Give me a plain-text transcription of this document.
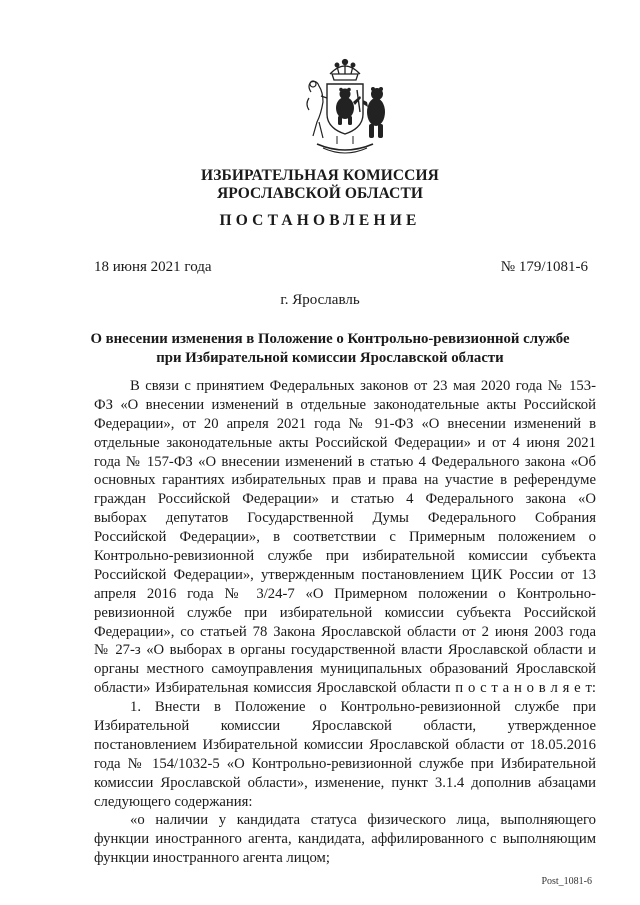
ИЗБИРАТЕЛЬНАЯ КОМИССИЯ
ЯРОСЛАВСКОЙ ОБЛАСТИ
ПОСТАНОВЛЕНИЕ
18 июня 2021 года	№ 179/1081-6
г. Ярославль
О внесении изменения в Положение о Контрольно-ревизионной службе
при Избирательной комиссии Ярославской области
В связи с принятием Федеральных законов от 23 мая 2020 года № 153-
ФЗ «О внесении изменений в отдельные законодательные акты Российской
Федерации», от 20 апреля 2021 года № 91-ФЗ «О внесении изменений в
отдельные законодательные акты Российской Федерации» и от 4 июня 2021
года № 157-ФЗ «О внесении изменений в статью 4 Федерального закона «Об
основных гарантиях избирательных прав и права на участие в референдуме
граждан Российской Федерации» и статью 4 Федерального закона «О
выборах депутатов Государственной Думы Федерального Собрания
Российской Федерации», в соответствии с Примерным положением о
Контрольно-ревизионной службе при избирательной комиссии субъекта
Российской Федерации», утвержденным постановлением ЦИК России от 13
апреля 2016 года № 3/24-7 «О Примерном положении о Контрольно-
ревизионной службе при избирательной комиссии субъекта Российской
Федерации», со статьей 78 Закона Ярославской области от 2 июня 2003 года
№ 27-з «О выборах в органы государственной власти Ярославской области и
органы местного самоуправления муниципальных образований Ярославской
области» Избирательная комиссия Ярославской области п о с т а н о в л я е т:
1. Внести в Положение о Контрольно-ревизионной службе при
Избирательной комиссии Ярославской области, утвержденное
постановлением Избирательной комиссии Ярославской области от 18.05.2016
года № 154/1032-5 «О Контрольно-ревизионной службе при Избирательной
комиссии Ярославской области», изменение, пункт 3.1.4 дополнив абзацами
следующего содержания:
«о наличии у кандидата статуса физического лица, выполняющего
функции иностранного агента, кандидата, аффилированного с выполняющим
функции иностранного агента лицом;
Post_1081-6
